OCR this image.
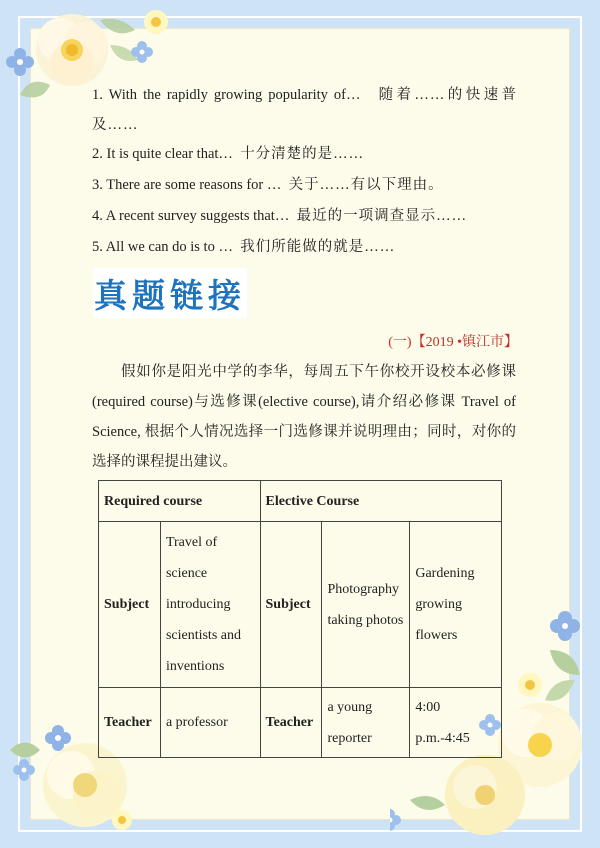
1. With the rapidly growing popularity of… 随着……的快速普及……
2. It is quite clear that… 十分清楚的是……
3. There are some reasons for … 关于……有以下理由。
4. A recent survey suggests that… 最近的一项调查显示……
5. All we can do is to … 我们所能做的就是……
真题链接
(一)【2019 •镇江市】
假如你是阳光中学的李华，每周五下午你校开设校本必修课(required course)与选修课(elective course),请介绍必修课 Travel of Science, 根据个人情况选择一门选修课并说明理由；同时，对你的选择的课程提出建议。
Required course		Elective Course		
Subject	Travel of science introducing scientists and inventions	Subject	Photography taking photos	Gardening growing flowers
Teacher	a professor	Teacher	a young reporter	4:00 p.m.-4:45
